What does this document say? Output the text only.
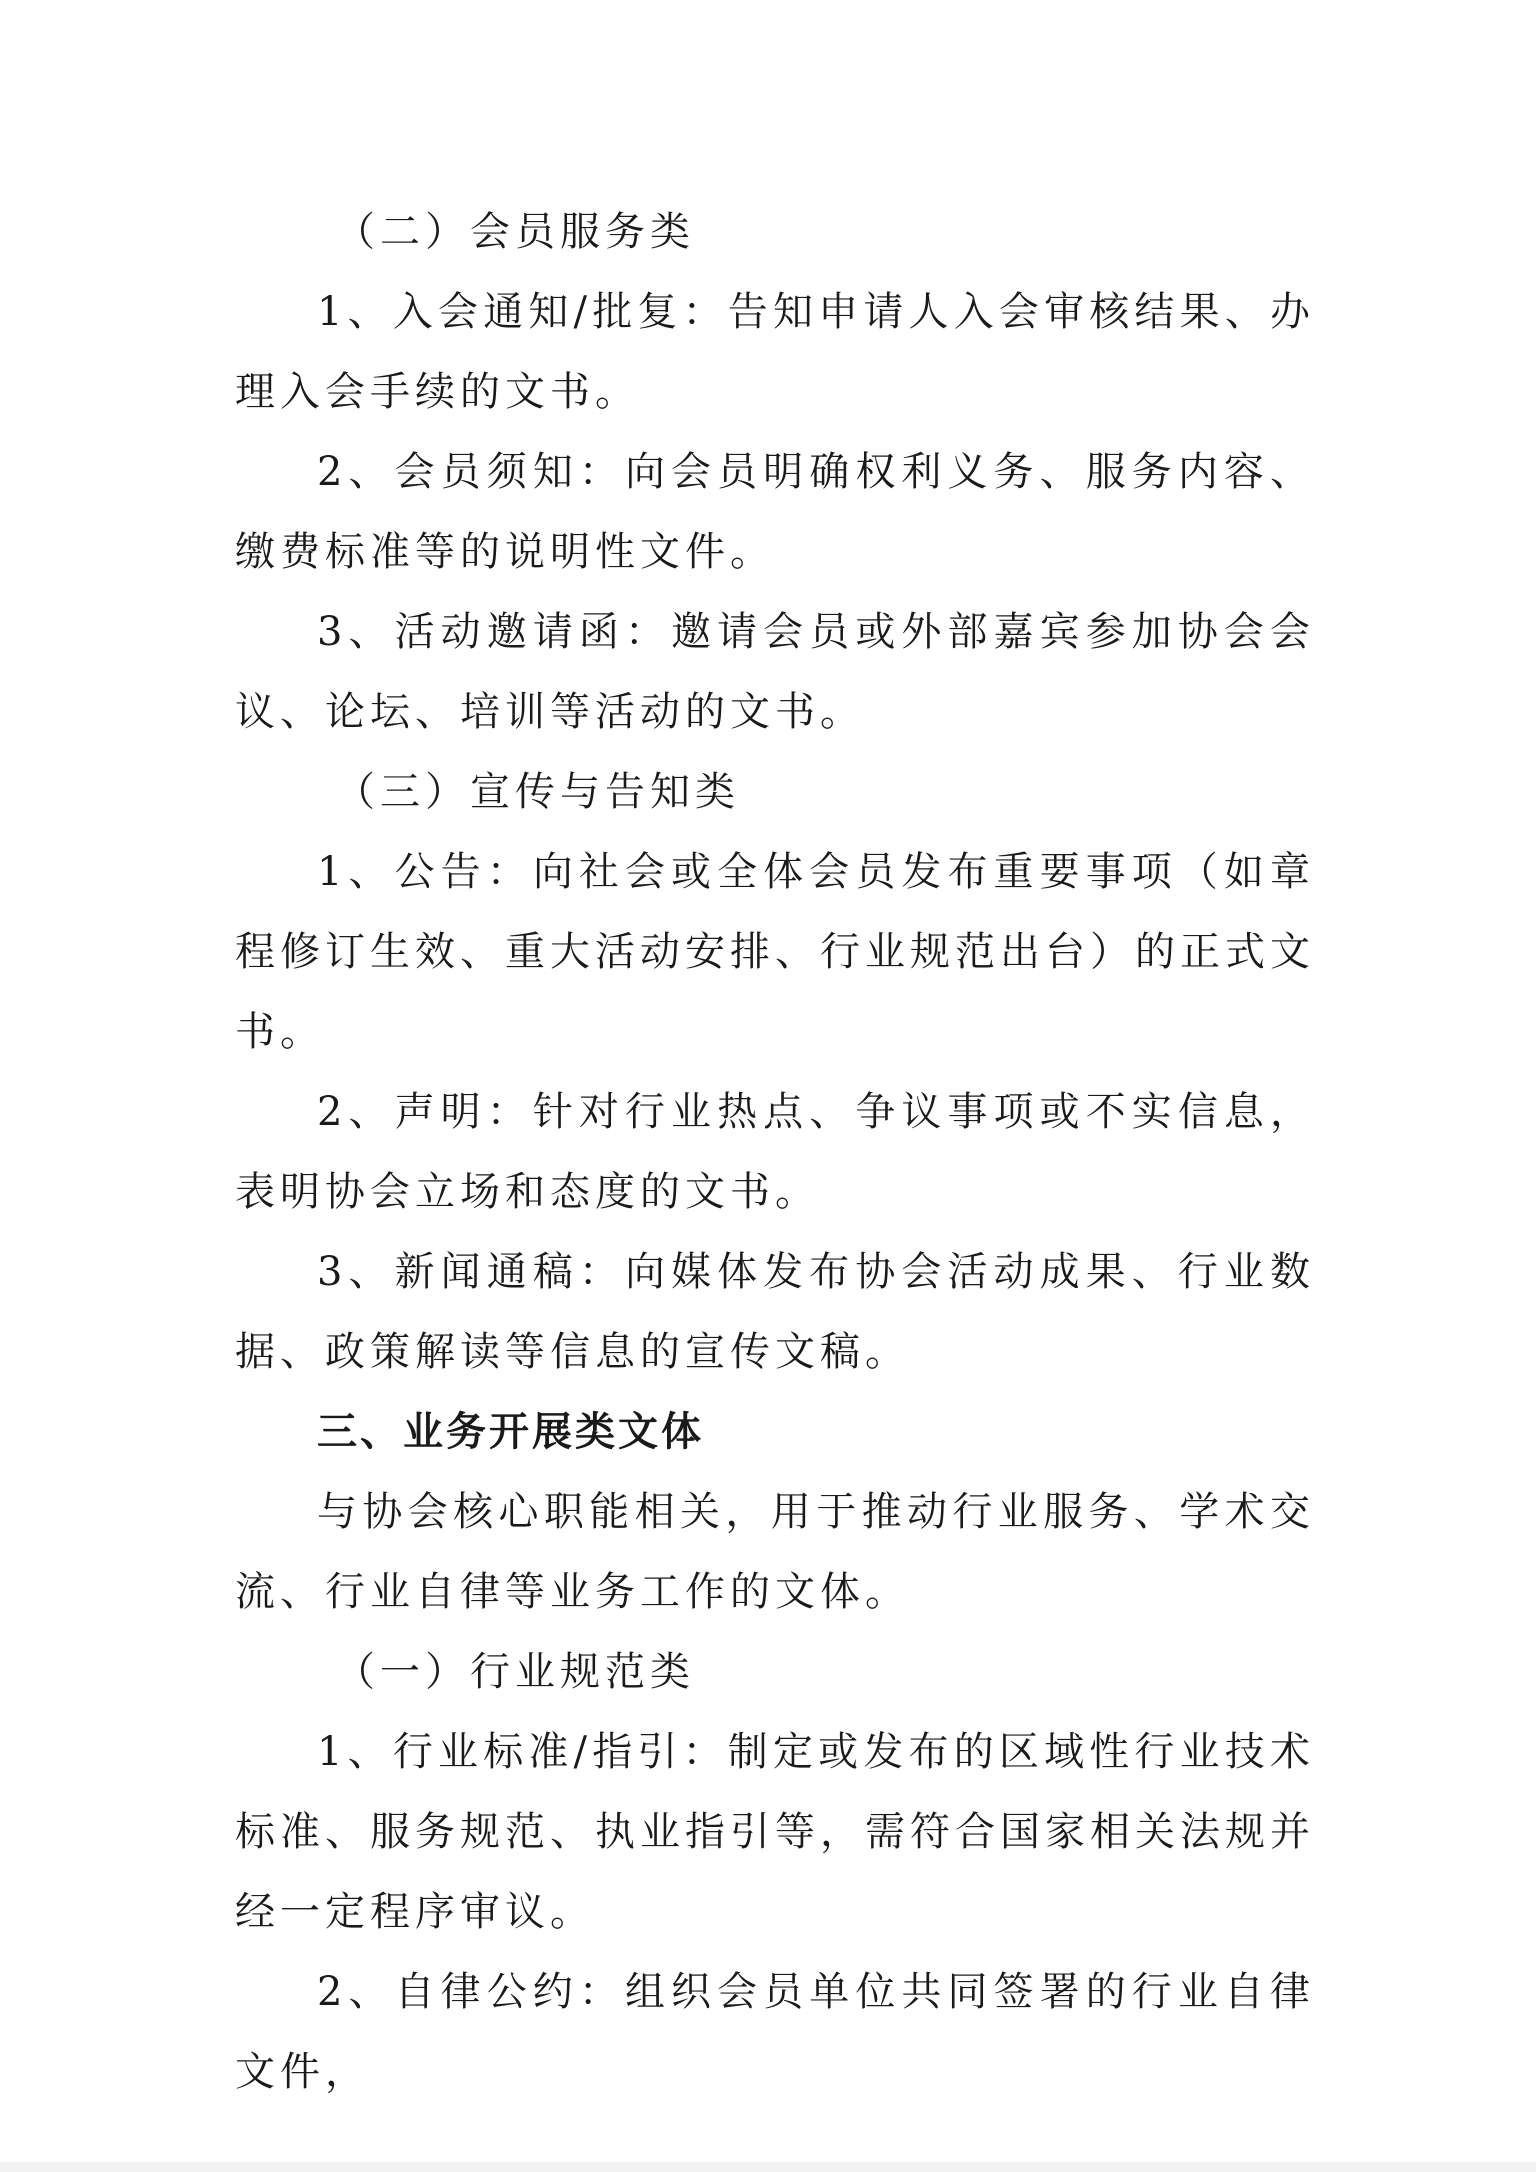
（二）会员服务类

1、入会通知/批复：告知申请人入会审核结果、办理入会手续的文书。

2、会员须知：向会员明确权利义务、服务内容、缴费标准等的说明性文件。

3、活动邀请函：邀请会员或外部嘉宾参加协会会议、论坛、培训等活动的文书。

（三）宣传与告知类

1、公告：向社会或全体会员发布重要事项（如章程修订生效、重大活动安排、行业规范出台）的正式文书。

2、声明：针对行业热点、争议事项或不实信息，表明协会立场和态度的文书。

3、新闻通稿：向媒体发布协会活动成果、行业数据、政策解读等信息的宣传文稿。

三、业务开展类文体

与协会核心职能相关，用于推动行业服务、学术交流、行业自律等业务工作的文体。

（一）行业规范类

1、行业标准/指引：制定或发布的区域性行业技术标准、服务规范、执业指引等，需符合国家相关法规并经一定程序审议。

2、自律公约：组织会员单位共同签署的行业自律文件，
